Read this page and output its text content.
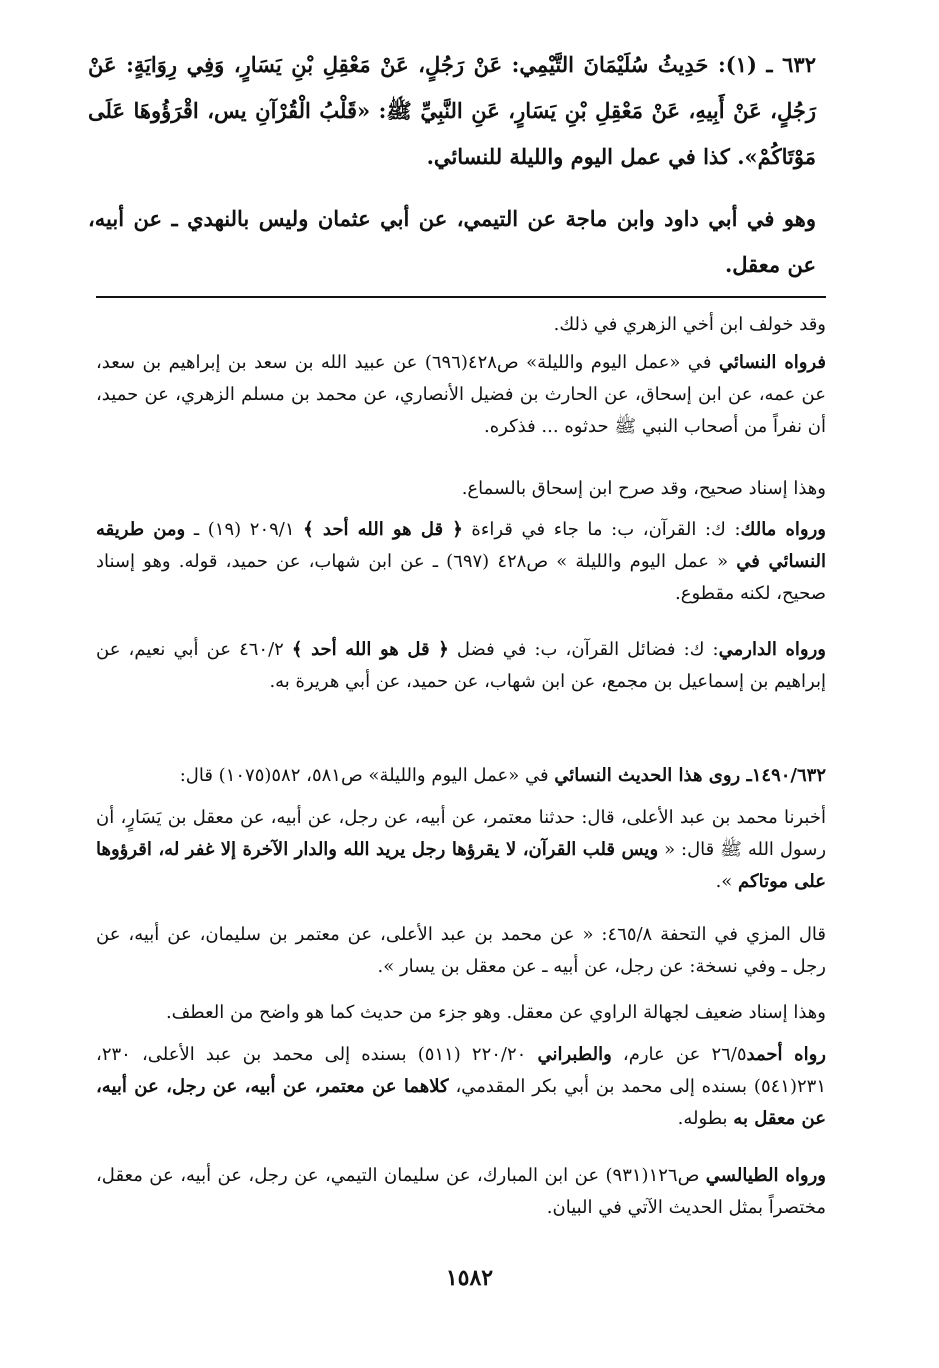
٦٣٢ ـ (١): حَدِيثُ سُلَيْمَانَ التَّيْمِي: عَنْ رَجُلٍ، عَنْ مَعْقِلِ بْنِ يَسَارٍ، وَفِي رِوَايَةٍ: عَنْ رَجُلٍ، عَنْ أَبِيهِ، عَنْ مَعْقِلِ بْنِ يَسَارٍ، عَنِ النَّبِيِّ ﷺ: «قَلْبُ الْقُرْآنِ يس، اقْرَؤُوهَا عَلَى مَوْتَاكُمْ». كذا في عمل اليوم والليلة للنسائي.

وهو في أبي داود وابن ماجة عن التيمي، عن أبي عثمان وليس بالنهدي ـ عن أبيه، عن معقل.

وقد خولف ابن أخي الزهري في ذلك.

فرواه النسائي في «عمل اليوم والليلة» ص٤٢٨(٦٩٦) عن عبيد الله بن سعد بن إبراهيم بن سعد، عن عمه، عن ابن إسحاق، عن الحارث بن فضيل الأنصاري، عن محمد بن مسلم الزهري، عن حميد، أن نفراً من أصحاب النبي ﷺ حدثوه ... فذكره.

وهذا إسناد صحيح، وقد صرح ابن إسحاق بالسماع.

ورواه مالك: ك: القرآن، ب: ما جاء في قراءة ﴿ قل هو الله أحد ﴾ ٢٠٩/١ (١٩) ـ ومن طريقه النسائي في « عمل اليوم والليلة » ص٤٢٨ (٦٩٧) ـ عن ابن شهاب، عن حميد، قوله. وهو إسناد صحيح، لكنه مقطوع.

ورواه الدارمي: ك: فضائل القرآن، ب: في فضل ﴿ قل هو الله أحد ﴾ ٤٦٠/٢ عن أبي نعيم، عن إبراهيم بن إسماعيل بن مجمع، عن ابن شهاب، عن حميد، عن أبي هريرة به.

١٤٩٠/٦٣٢ـ روى هذا الحديث النسائي في «عمل اليوم والليلة» ص٥٨١، ٥٨٢(١٠٧٥) قال:

أخبرنا محمد بن عبد الأعلى، قال: حدثنا معتمر، عن أبيه، عن رجل، عن أبيه، عن معقل بن يَسَارٍ، أن رسول الله ﷺ قال: « ويس قلب القرآن، لا يقرؤها رجل يريد الله والدار الآخرة إلا غفر له، اقرؤوها على موتاكم ».

قال المزي في التحفة ٤٦٥/٨: « عن محمد بن عبد الأعلى، عن معتمر بن سليمان، عن أبيه، عن رجل ـ وفي نسخة: عن رجل، عن أبيه ـ عن معقل بن يسار ».

وهذا إسناد ضعيف لجهالة الراوي عن معقل. وهو جزء من حديث كما هو واضح من العطف.

رواه أحمد٢٦/٥ عن عارم، والطبراني ٢٢٠/٢٠ (٥١١) بسنده إلى محمد بن عبد الأعلى، ٢٣٠، ٢٣١(٥٤١) بسنده إلى محمد بن أبي بكر المقدمي، كلاهما عن معتمر، عن أبيه، عن رجل، عن أبيه، عن معقل به بطوله.

ورواه الطيالسي ص١٢٦(٩٣١) عن ابن المبارك، عن سليمان التيمي، عن رجل، عن أبيه، عن معقل، مختصراً بمثل الحديث الآتي في البيان.

١٥٨٢
